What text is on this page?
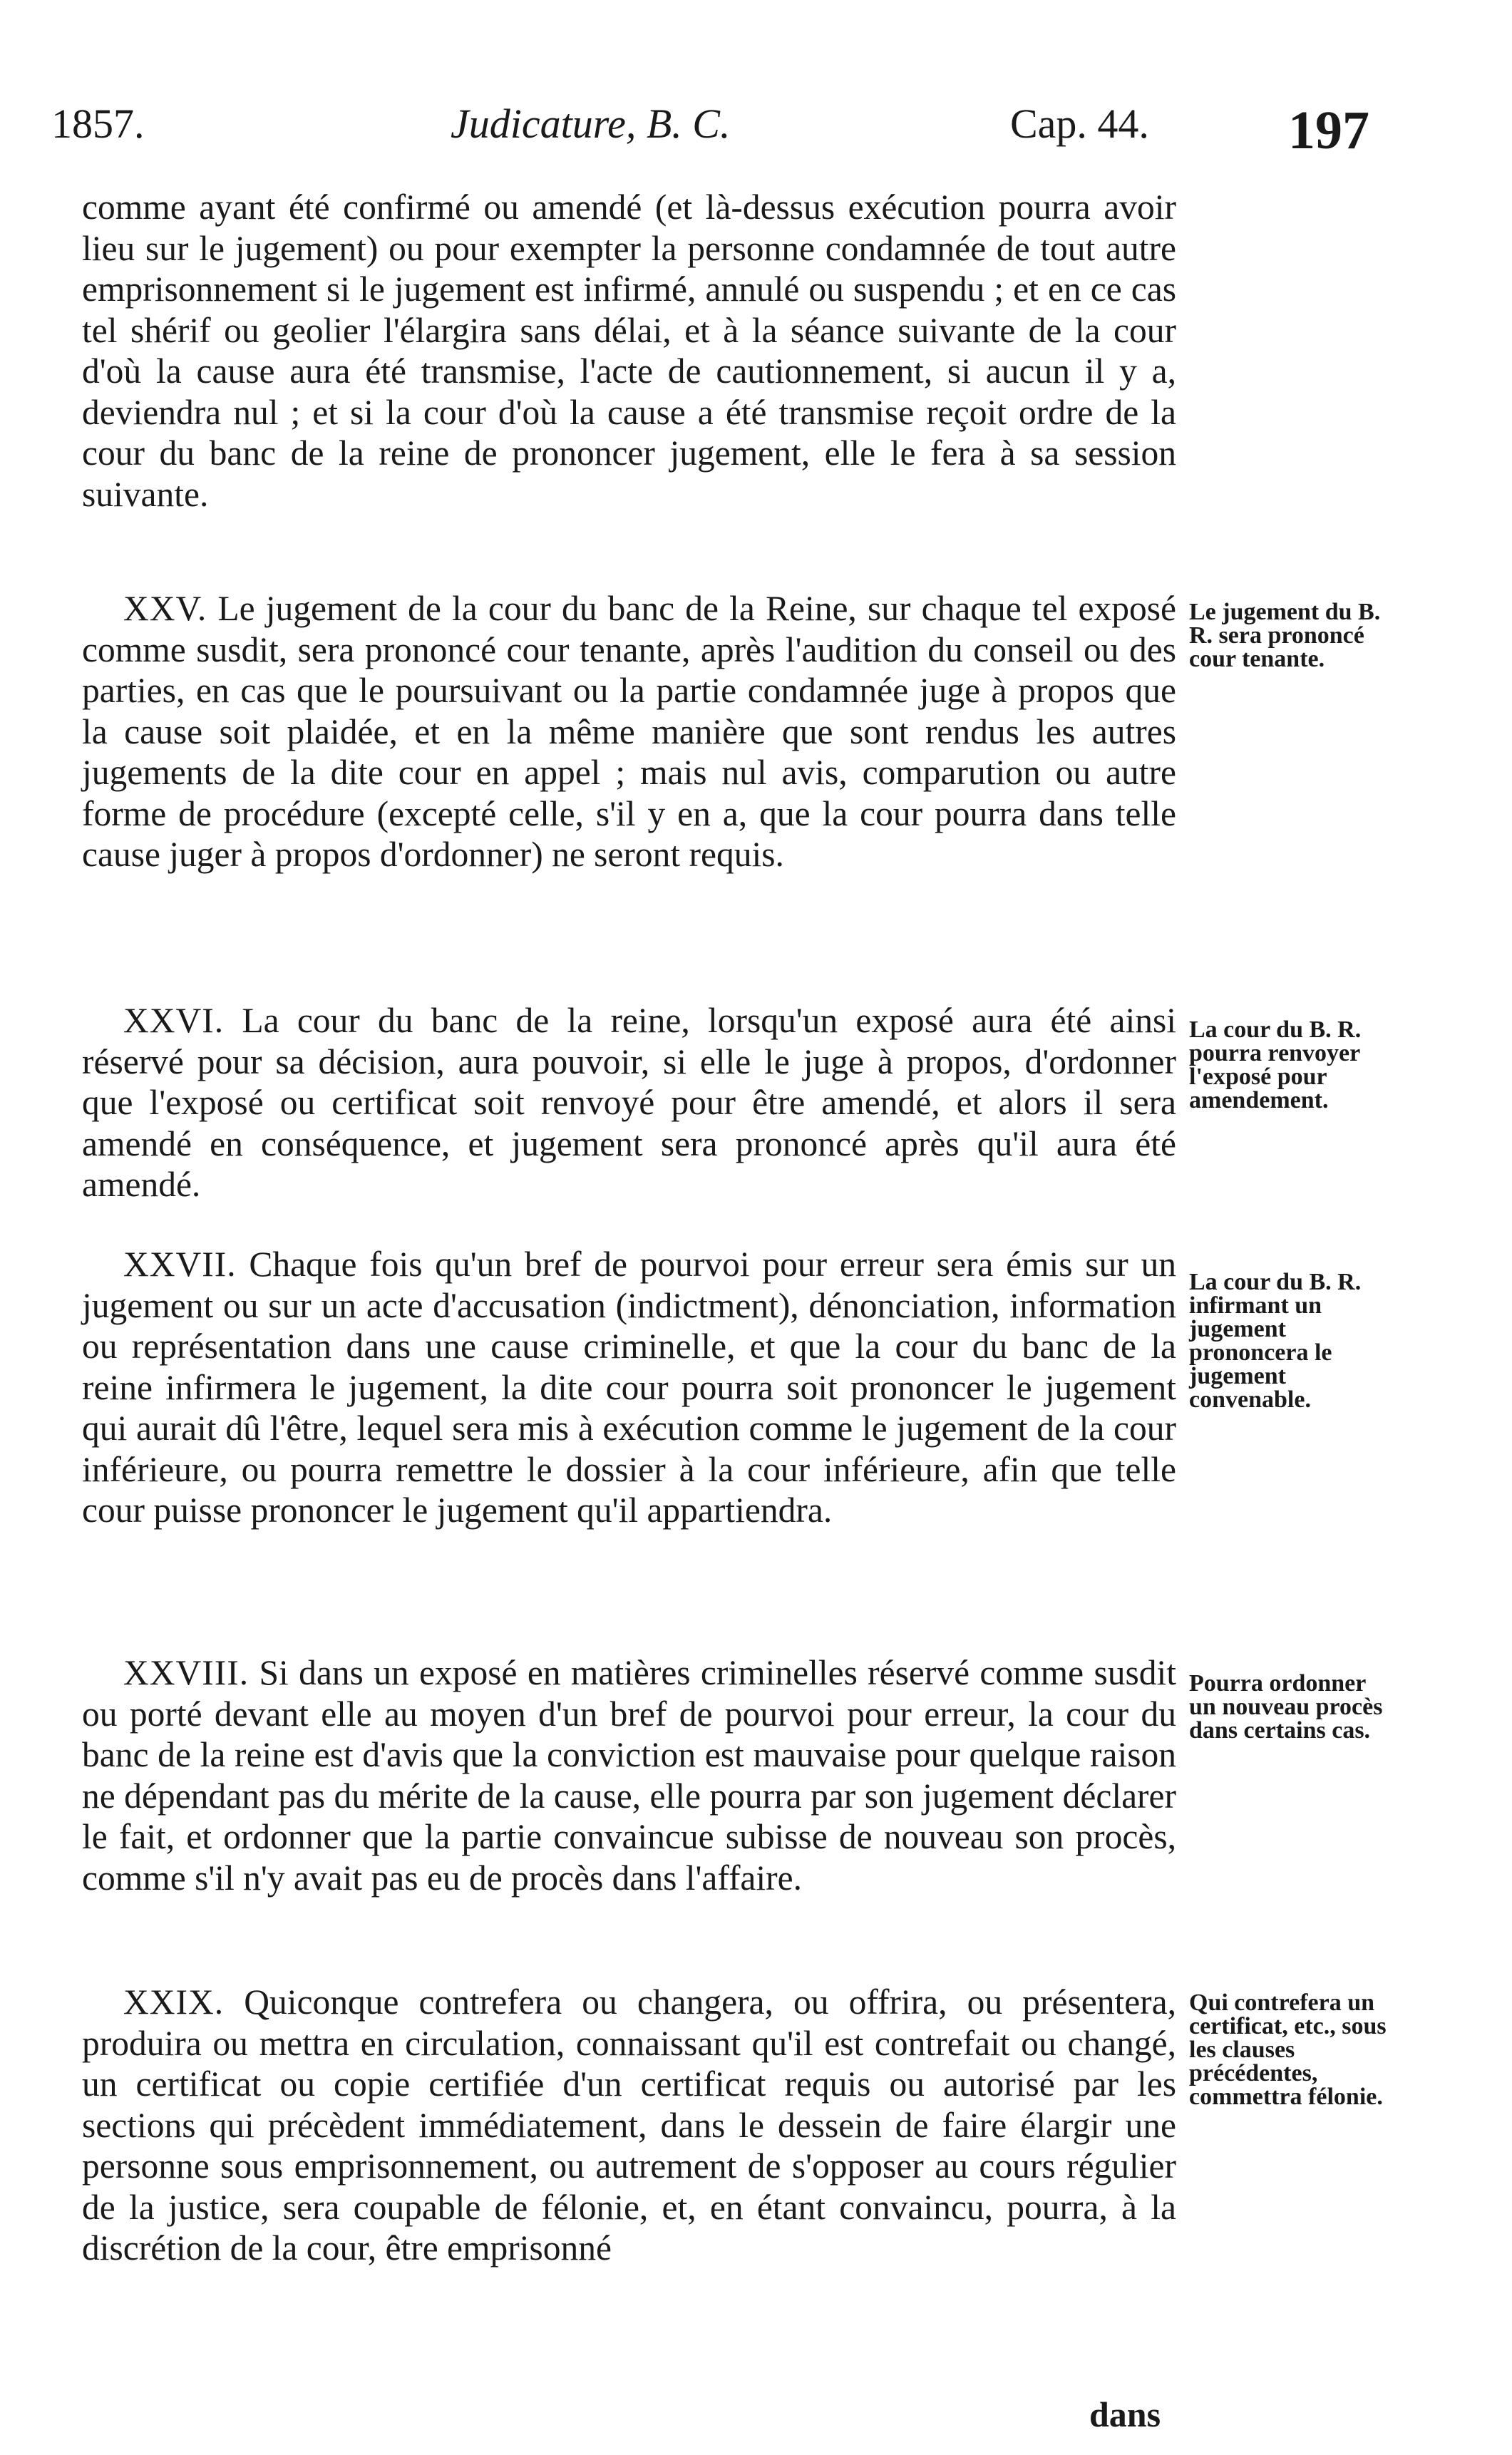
1857.	Judicature, B. C.	Cap. 44.	197

comme ayant été confirmé ou amendé (et là-dessus exécution pourra avoir lieu sur le jugement) ou pour exempter la personne condamnée de tout autre emprisonnement si le jugement est infirmé, annulé ou suspendu ; et en ce cas tel shérif ou geolier l'élargira sans délai, et à la séance suivante de la cour d'où la cause aura été transmise, l'acte de cautionnement, si aucun il y a, deviendra nul ; et si la cour d'où la cause a été transmise reçoit ordre de la cour du banc de la reine de prononcer jugement, elle le fera à sa session suivante.

XXV. Le jugement de la cour du banc de la Reine, sur chaque tel exposé comme susdit, sera prononcé cour tenante, après l'audition du conseil ou des parties, en cas que le poursuivant ou la partie condamnée juge à propos que la cause soit plaidée, et en la même manière que sont rendus les autres jugements de la dite cour en appel ; mais nul avis, comparution ou autre forme de procédure (excepté celle, s'il y en a, que la cour pourra dans telle cause juger à propos d'ordonner) ne seront requis.

Le jugement du B. R. sera prononcé cour tenante.

XXVI. La cour du banc de la reine, lorsqu'un exposé aura été ainsi réservé pour sa décision, aura pouvoir, si elle le juge à propos, d'ordonner que l'exposé ou certificat soit renvoyé pour être amendé, et alors il sera amendé en conséquence, et jugement sera prononcé après qu'il aura été amendé.

La cour du B. R. pourra renvoyer l'exposé pour amendement.

XXVII. Chaque fois qu'un bref de pourvoi pour erreur sera émis sur un jugement ou sur un acte d'accusation (indictment), dénonciation, information ou représentation dans une cause criminelle, et que la cour du banc de la reine infirmera le jugement, la dite cour pourra soit prononcer le jugement qui aurait dû l'être, lequel sera mis à exécution comme le jugement de la cour inférieure, ou pourra remettre le dossier à la cour inférieure, afin que telle cour puisse prononcer le jugement qu'il appartiendra.

La cour du B. R. infirmant un jugement prononcera le jugement convenable.

XXVIII. Si dans un exposé en matières criminelles réservé comme susdit ou porté devant elle au moyen d'un bref de pourvoi pour erreur, la cour du banc de la reine est d'avis que la conviction est mauvaise pour quelque raison ne dépendant pas du mérite de la cause, elle pourra par son jugement déclarer le fait, et ordonner que la partie convaincue subisse de nouveau son procès, comme s'il n'y avait pas eu de procès dans l'affaire.

Pourra ordonner un nouveau procès dans certains cas.

XXIX. Quiconque contrefera ou changera, ou offrira, ou présentera, produira ou mettra en circulation, connaissant qu'il est contrefait ou changé, un certificat ou copie certifiée d'un certificat requis ou autorisé par les sections qui précèdent immédiatement, dans le dessein de faire élargir une personne sous emprisonnement, ou autrement de s'opposer au cours régulier de la justice, sera coupable de félonie, et, en étant convaincu, pourra, à la discrétion de la cour, être emprisonné

Qui contrefera un certificat, etc., sous les clauses précédentes, commettra félonie.
dans
